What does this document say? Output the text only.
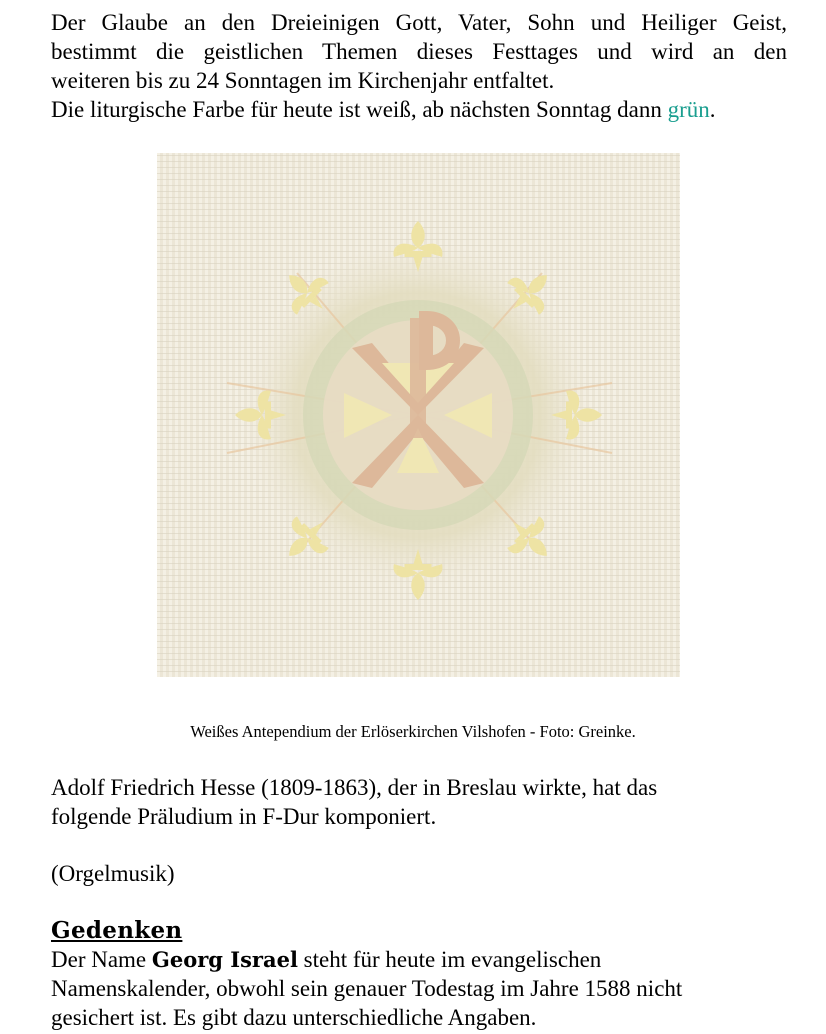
Der Glaube an den Dreieinigen Gott, Vater, Sohn und Heiliger Geist,
bestimmt die geistlichen Themen dieses Festtages und wird an den
weiteren bis zu 24 Sonntagen im Kirchenjahr entfaltet.
Die liturgische Farbe für heute ist weiß, ab nächsten Sonntag dann grün.

Weißes Antependium der Erlöserkirchen Vilshofen - Foto: Greinke.

Adolf Friedrich Hesse (1809-1863), der in Breslau wirkte, hat das
folgende Präludium in F-Dur komponiert.

(Orgelmusik)

Gedenken

Der Name Georg Israel steht für heute im evangelischen
Namenskalender, obwohl sein genauer Todestag im Jahre 1588 nicht
gesichert ist. Es gibt dazu unterschiedliche Angaben.
